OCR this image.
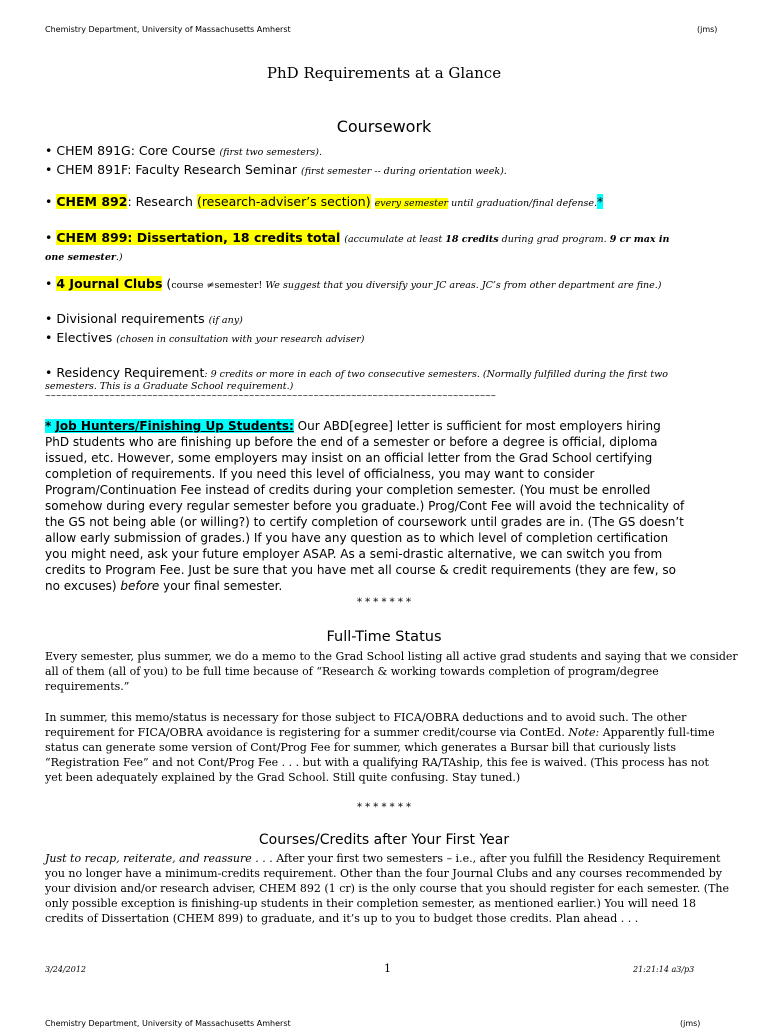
Chemistry Department, University of Massachusetts Amherst	(jms)
PhD Requirements at a Glance
Coursework
• CHEM 891G: Core Course (first two semesters).
• CHEM 891F: Faculty Research Seminar (first semester -- during orientation week).
• CHEM 892: Research (research-adviser’s section) every semester until graduation/final defense.*
• CHEM 899: Dissertation, 18 credits total (accumulate at least 18 credits during grad program. 9 cr max in
one semester.)
• 4 Journal Clubs (course ≠semester! We suggest that you diversify your JC areas. JC’s from other department are fine.)
• Divisional requirements (if any)
• Electives (chosen in consultation with your research adviser)
• Residency Requirement: 9 credits or more in each of two consecutive semesters. (Normally fulfilled during the first two
semesters. This is a Graduate School requirement.)
~~~~~~~~~~~~~~~~~~~~~~~~~~~~~~~~~~~~~~~~~~~~~~~~~~~~~~~~~~~~~~~~~~~~~~~~~~~~~~~~~~~~
* Job Hunters/Finishing Up Students: Our ABD[egree] letter is sufficient for most employers hiring
PhD students who are finishing up before the end of a semester or before a degree is official, diploma
issued, etc. However, some employers may insist on an official letter from the Grad School certifying
completion of requirements. If you need this level of officialness, you may want to consider
Program/Continuation Fee instead of credits during your completion semester. (You must be enrolled
somehow during every regular semester before you graduate.) Prog/Cont Fee will avoid the technicality of
the GS not being able (or willing?) to certify completion of coursework until grades are in. (The GS doesn’t
allow early submission of grades.) If you have any question as to which level of completion certification
you might need, ask your future employer ASAP. As a semi-drastic alternative, we can switch you from
credits to Program Fee. Just be sure that you have met all course & credit requirements (they are few, so
no excuses) before your final semester.
* * * * * * *
Full-Time Status
Every semester, plus summer, we do a memo to the Grad School listing all active grad students and saying that we consider
all of them (all of you) to be full time because of “Research & working towards completion of program/degree
requirements.”
In summer, this memo/status is necessary for those subject to FICA/OBRA deductions and to avoid such. The other
requirement for FICA/OBRA avoidance is registering for a summer credit/course via ContEd. Note: Apparently full-time
status can generate some version of Cont/Prog Fee for summer, which generates a Bursar bill that curiously lists
“Registration Fee” and not Cont/Prog Fee . . . but with a qualifying RA/TAship, this fee is waived. (This process has not
yet been adequately explained by the Grad School. Still quite confusing. Stay tuned.)
* * * * * * *
Courses/Credits after Your First Year
Just to recap, reiterate, and reassure . . . After your first two semesters – i.e., after you fulfill the Residency Requirement
you no longer have a minimum-credits requirement. Other than the four Journal Clubs and any courses recommended by
your division and/or research adviser, CHEM 892 (1 cr) is the only course that you should register for each semester. (The
only possible exception is finishing-up students in their completion semester, as mentioned earlier.) You will need 18
credits of Dissertation (CHEM 899) to graduate, and it’s up to you to budget those credits. Plan ahead . . .
3/24/2012	1	21:21:14 a3/p3
Chemistry Department, University of Massachusetts Amherst	(jms)
